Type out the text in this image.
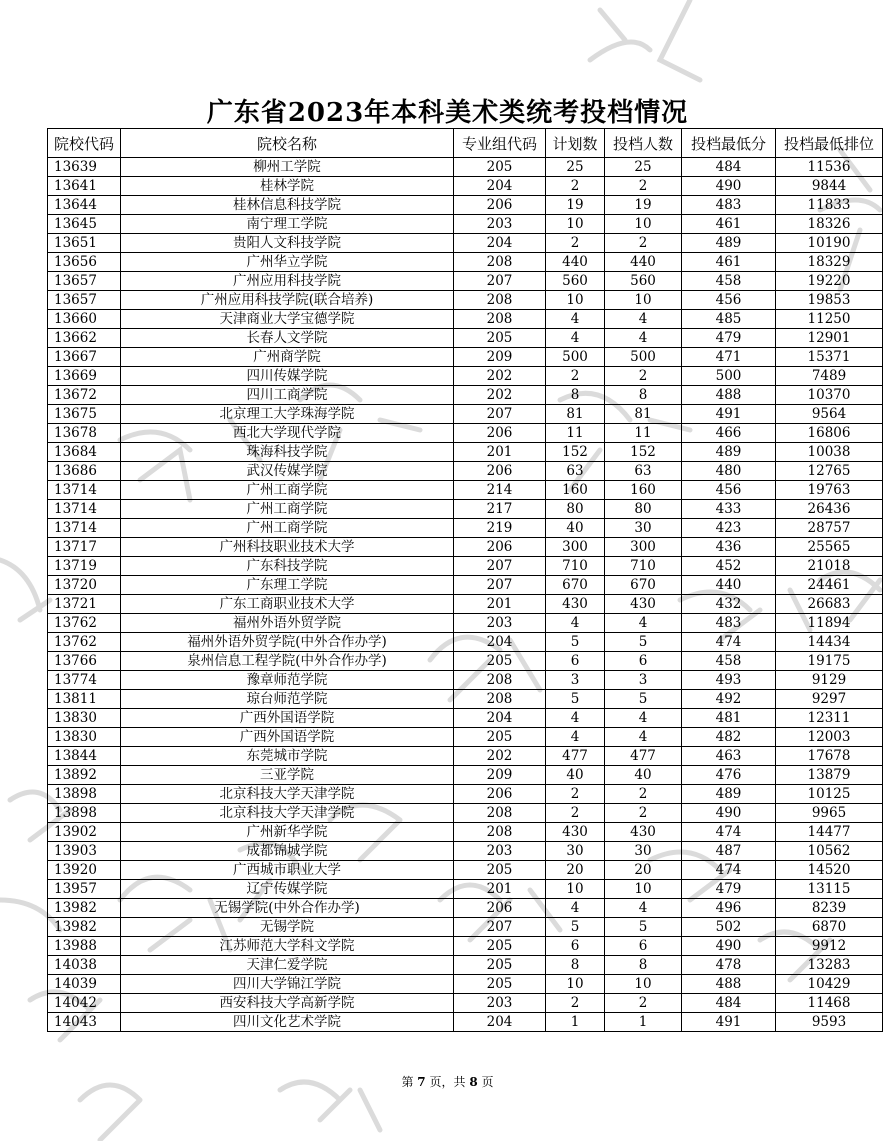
广东省2023年本科美术类统考投档情况
院校代码	院校名称	专业组代码	计划数	投档人数	投档最低分	投档最低排位
13639	柳州工学院	205	25	25	484	11536
13641	桂林学院	204	2	2	490	9844
13644	桂林信息科技学院	206	19	19	483	11833
13645	南宁理工学院	203	10	10	461	18326
13651	贵阳人文科技学院	204	2	2	489	10190
13656	广州华立学院	208	440	440	461	18329
13657	广州应用科技学院	207	560	560	458	19220
13657	广州应用科技学院(联合培养)	208	10	10	456	19853
13660	天津商业大学宝德学院	208	4	4	485	11250
13662	长春人文学院	205	4	4	479	12901
13667	广州商学院	209	500	500	471	15371
13669	四川传媒学院	202	2	2	500	7489
13672	四川工商学院	202	8	8	488	10370
13675	北京理工大学珠海学院	207	81	81	491	9564
13678	西北大学现代学院	206	11	11	466	16806
13684	珠海科技学院	201	152	152	489	10038
13686	武汉传媒学院	206	63	63	480	12765
13714	广州工商学院	214	160	160	456	19763
13714	广州工商学院	217	80	80	433	26436
13714	广州工商学院	219	40	30	423	28757
13717	广州科技职业技术大学	206	300	300	436	25565
13719	广东科技学院	207	710	710	452	21018
13720	广东理工学院	207	670	670	440	24461
13721	广东工商职业技术大学	201	430	430	432	26683
13762	福州外语外贸学院	203	4	4	483	11894
13762	福州外语外贸学院(中外合作办学)	204	5	5	474	14434
13766	泉州信息工程学院(中外合作办学)	205	6	6	458	19175
13774	豫章师范学院	208	3	3	493	9129
13811	琼台师范学院	208	5	5	492	9297
13830	广西外国语学院	204	4	4	481	12311
13830	广西外国语学院	205	4	4	482	12003
13844	东莞城市学院	202	477	477	463	17678
13892	三亚学院	209	40	40	476	13879
13898	北京科技大学天津学院	206	2	2	489	10125
13898	北京科技大学天津学院	208	2	2	490	9965
13902	广州新华学院	208	430	430	474	14477
13903	成都锦城学院	203	30	30	487	10562
13920	广西城市职业大学	205	20	20	474	14520
13957	辽宁传媒学院	201	10	10	479	13115
13982	无锡学院(中外合作办学)	206	4	4	496	8239
13982	无锡学院	207	5	5	502	6870
13988	江苏师范大学科文学院	205	6	6	490	9912
14038	天津仁爱学院	205	8	8	478	13283
14039	四川大学锦江学院	205	10	10	488	10429
14042	西安科技大学高新学院	203	2	2	484	11468
14043	四川文化艺术学院	204	1	1	491	9593
第 7 页，共 8 页
